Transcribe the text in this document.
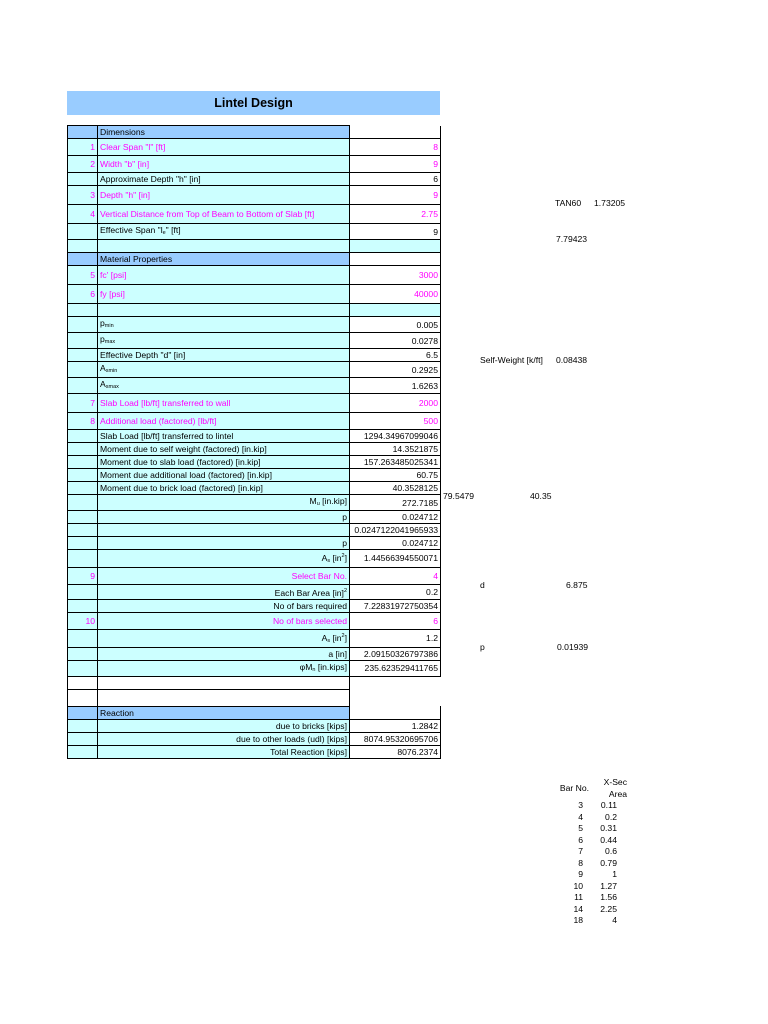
Lintel Design
	Dimensions	
1	Clear Span "l" [ft]	8
2	Width "b" [in]	9
	Approximate Depth "h" [in]	6
3	Depth "h" [in]	9
4	Vertical Distance from Top of Beam to Bottom of Slab [ft]	2.75
	Effective Span "$l_e$" [ft]	9

	Material Properties	
5	fc' [psi]	3000
6	fy [psi]	40000

	$p_{min}$	0.005
	$p_{max}$	0.0278
	Effective Depth "d" [in]	6.5
	$A_{smin}$	0.2925
	$A_{smax}$	1.6263
7	Slab Load [lb/ft] transferred to wall	2000
8	Additional load (factored) [lb/ft]	500
	Slab Load [lb/ft] transferred to lintel	1294.34967099046
	Moment due to self weight (factored) [in.kip]	14.3521875
	Moment due to slab load (factored) [in.kip]	157.263485025341
	Moment due additional load (factored) [in.kip]	60.75
	Moment due to brick load (factored) [in.kip]	40.3528125
	$M_u$ [in.kip]	272.7185
	p	0.024712
		0.0247122041965933
	p	0.024712
	$A_s$ $[in^2]$	1.44566394550071
9	Select Bar No.	4
	Each Bar Area [in]$^2$	0.2
	No of bars required	7.22831972750354
10	No of bars selected	6
	$A_s$ $[in^2]$	1.2
	a [in]	2.09150326797386
	$\varphi M_n$ [in.kips]	235.623529411765

	Reaction	
	due to bricks [kips]	1.2842
	due to other loads (udl) [kips]	8074.95320695706
	Total Reaction [kips]	8076.2374
TAN60 1.73205
7.79423
Self-Weight [k/ft] 0.08438
79.5479	40.35
d	6.875
p	0.01939
Bar No.	X-Sec Area
3	0.11
4	0.2
5	0.31
6	0.44
7	0.6
8	0.79
9	1
10	1.27
11	1.56
14	2.25
18	4
